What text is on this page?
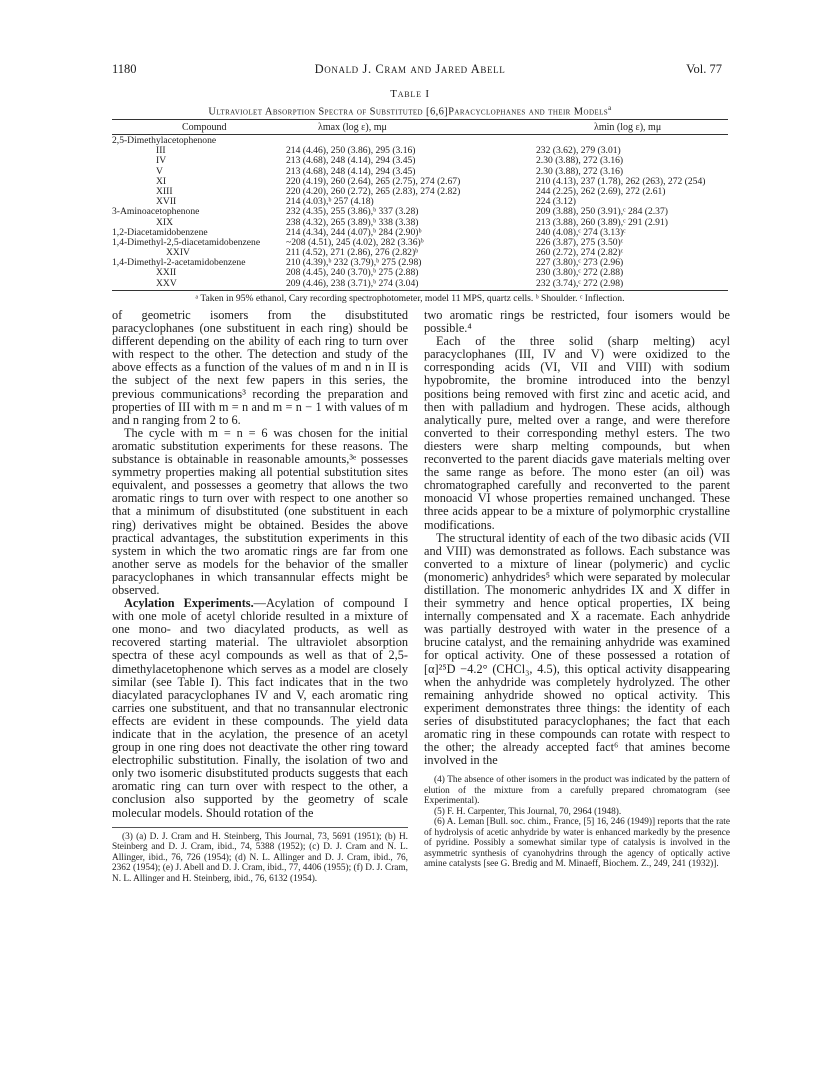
1180	Donald J. Cram and Jared Abell	Vol. 77
Table I
Ultraviolet Absorption Spectra of Substituted [6,6]Paracyclophanes and their Models$^a$
Compound	λmax (log ε), mμ	λmin (log ε), mμ
2,5-Dimethylacetophenone
III	214 (4.46), 250 (3.86), 295 (3.16)	232 (3.62), 279 (3.01)
IV	213 (4.68), 248 (4.14), 294 (3.45)	2.30 (3.88), 272 (3.16)
V	213 (4.68), 248 (4.14), 294 (3.45)	2.30 (3.88), 272 (3.16)
XI	220 (4.19), 260 (2.64), 265 (2.75), 274 (2.67)	210 (4.13), 237 (1.78), 262 (263), 272 (254)
XIII	220 (4.20), 260 (2.72), 265 (2.83), 274 (2.82)	244 (2.25), 262 (2.69), 272 (2.61)
XVII	214 (4.03),ᵇ 257 (4.18)	224 (3.12)
3-Aminoacetophenone	232 (4.35), 255 (3.86),ᵇ 337 (3.28)	209 (3.88), 250 (3.91),ᶜ 284 (2.37)
XIX	238 (4.32), 265 (3.89),ᵇ 338 (3.38)	213 (3.88), 260 (3.89),ᶜ 291 (2.91)
1,2-Diacetamidobenzene	214 (4.34), 244 (4.07),ᵇ 284 (2.90)ᵇ	240 (4.08),ᶜ 274 (3.13)ᶜ
1,4-Dimethyl-2,5-diacetamidobenzene	~208 (4.51), 245 (4.02), 282 (3.36)ᵇ	226 (3.87), 275 (3.50)ᶜ
XXIV	211 (4.52), 271 (2.86), 276 (2.82)ᵇ	260 (2.72), 274 (2.82)ᶜ
1,4-Dimethyl-2-acetamidobenzene	210 (4.39),ᵇ 232 (3.79),ᵇ 275 (2.98)	227 (3.80),ᶜ 273 (2.96)
XXII	208 (4.45), 240 (3.70),ᵇ 275 (2.88)	230 (3.80),ᶜ 272 (2.88)
XXV	209 (4.46), 238 (3.71),ᵇ 274 (3.04)	232 (3.74),ᶜ 272 (2.98)
ᵃ Taken in 95% ethanol, Cary recording spectrophotometer, model 11 MPS, quartz cells. ᵇ Shoulder. ᶜ Inflection.

of geometric isomers from the disubstituted paracyclophanes (one substituent in each ring) should be different depending on the ability of each ring to turn over with respect to the other. The detection and study of the above effects as a function of the values of m and n in II is the subject of the next few papers in this series, the previous communications³ recording the preparation and properties of III with m = n and m = n − 1 with values of m and n ranging from 2 to 6.

The cycle with m = n = 6 was chosen for the initial aromatic substitution experiments for these reasons. The substance is obtainable in reasonable amounts,³ᵉ possesses symmetry properties making all potential substitution sites equivalent, and possesses a geometry that allows the two aromatic rings to turn over with respect to one another so that a minimum of disubstituted (one substituent in each ring) derivatives might be obtained. Besides the above practical advantages, the substitution experiments in this system in which the two aromatic rings are far from one another serve as models for the behavior of the smaller paracyclophanes in which transannular effects might be observed.

Acylation Experiments.—Acylation of compound I with one mole of acetyl chloride resulted in a mixture of one mono- and two diacylated products, as well as recovered starting material. The ultraviolet absorption spectra of these acyl compounds as well as that of 2,5-dimethylacetophenone which serves as a model are closely similar (see Table I). This fact indicates that in the two diacylated paracyclophanes IV and V, each aromatic ring carries one substituent, and that no transannular electronic effects are evident in these compounds. The yield data indicate that in the acylation, the presence of an acetyl group in one ring does not deactivate the other ring toward electrophilic substitution. Finally, the isolation of two and only two isomeric disubstituted products suggests that each aromatic ring can turn over with respect to the other, a conclusion also supported by the geometry of scale molecular models. Should rotation of the

(3) (a) D. J. Cram and H. Steinberg, This Journal, 73, 5691 (1951); (b) H. Steinberg and D. J. Cram, ibid., 74, 5388 (1952); (c) D. J. Cram and N. L. Allinger, ibid., 76, 726 (1954); (d) N. L. Allinger and D. J. Cram, ibid., 76, 2362 (1954); (e) J. Abell and D. J. Cram, ibid., 77, 4406 (1955); (f) D. J. Cram, N. L. Allinger and H. Steinberg, ibid., 76, 6132 (1954).

two aromatic rings be restricted, four isomers would be possible.⁴

Each of the three solid (sharp melting) acyl paracyclophanes (III, IV and V) were oxidized to the corresponding acids (VI, VII and VIII) with sodium hypobromite, the bromine introduced into the benzyl positions being removed with first zinc and acetic acid, and then with palladium and hydrogen. These acids, although analytically pure, melted over a range, and were therefore converted to their corresponding methyl esters. The two diesters were sharp melting compounds, but when reconverted to the parent diacids gave materials melting over the same range as before. The mono ester (an oil) was chromatographed carefully and reconverted to the parent monoacid VI whose properties remained unchanged. These three acids appear to be a mixture of polymorphic crystalline modifications.

The structural identity of each of the two dibasic acids (VII and VIII) was demonstrated as follows. Each substance was converted to a mixture of linear (polymeric) and cyclic (monomeric) anhydrides⁵ which were separated by molecular distillation. The monomeric anhydrides IX and X differ in their symmetry and hence optical properties, IX being internally compensated and X a racemate. Each anhydride was partially destroyed with water in the presence of a brucine catalyst, and the remaining anhydride was examined for optical activity. One of these possessed a rotation of [α]²⁵D −4.2° (CHCl₃, 4.5), this optical activity disappearing when the anhydride was completely hydrolyzed. The other remaining anhydride showed no optical activity. This experiment demonstrates three things: the identity of each series of disubstituted paracyclophanes; the fact that each aromatic ring in these compounds can rotate with respect to the other; the already accepted fact⁶ that amines become involved in the

(4) The absence of other isomers in the product was indicated by the pattern of elution of the mixture from a carefully prepared chromatogram (see Experimental).

(5) F. H. Carpenter, This Journal, 70, 2964 (1948).

(6) A. Leman [Bull. soc. chim., France, [5] 16, 246 (1949)] reports that the rate of hydrolysis of acetic anhydride by water is enhanced markedly by the presence of pyridine. Possibly a somewhat similar type of catalysis is involved in the asymmetric synthesis of cyanohydrins through the agency of optically active amine catalysts [see G. Bredig and M. Minaeff, Biochem. Z., 249, 241 (1932)].
